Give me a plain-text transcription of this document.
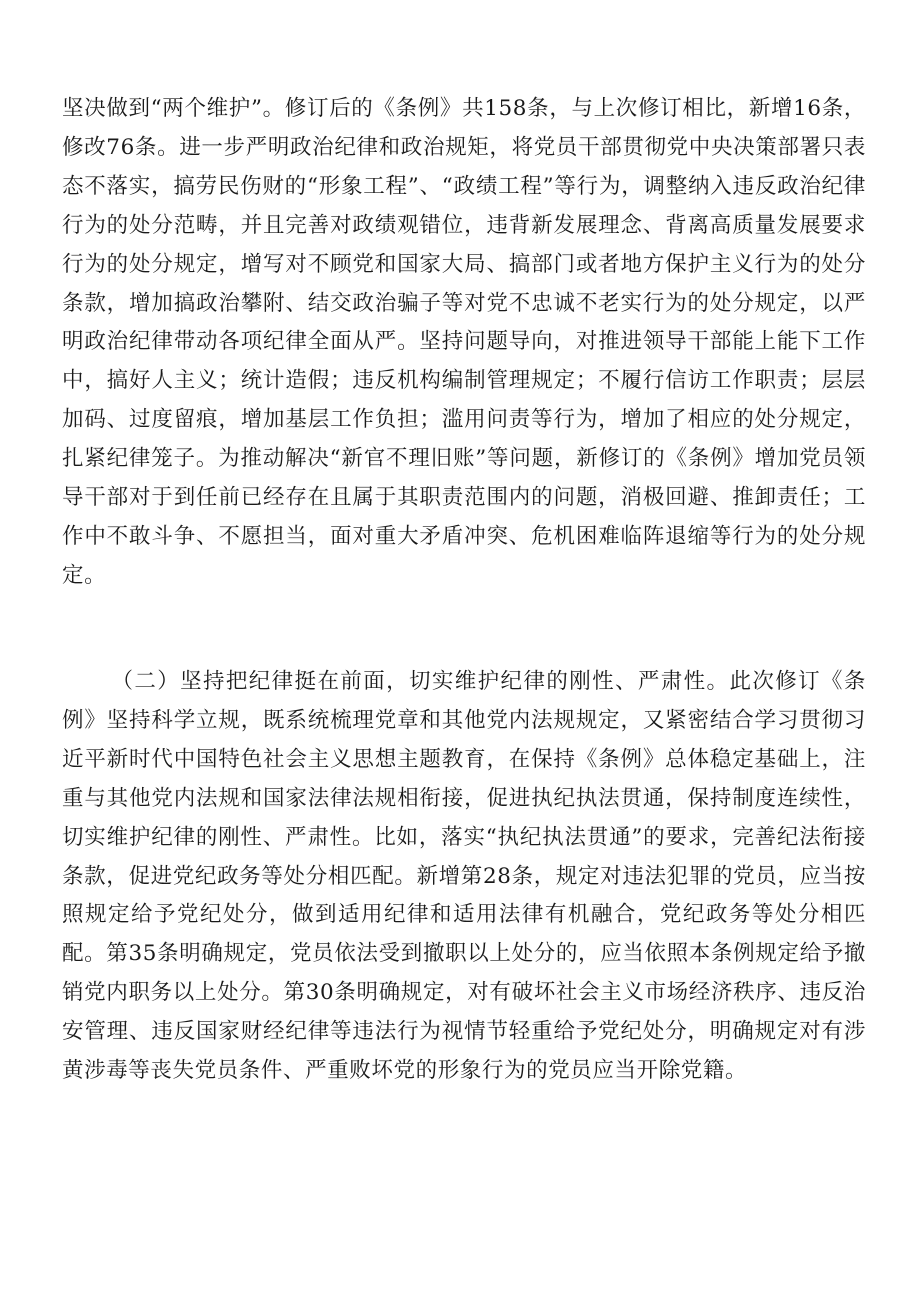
坚决做到“两个维护”。修订后的《条例》共158条，与上次修订相比，新增16条，修改76条。进一步严明政治纪律和政治规矩，将党员干部贯彻党中央决策部署只表态不落实，搞劳民伤财的“形象工程”、“政绩工程”等行为，调整纳入违反政治纪律行为的处分范畴，并且完善对政绩观错位，违背新发展理念、背离高质量发展要求行为的处分规定，增写对不顾党和国家大局、搞部门或者地方保护主义行为的处分条款，增加搞政治攀附、结交政治骗子等对党不忠诚不老实行为的处分规定，以严明政治纪律带动各项纪律全面从严。坚持问题导向，对推进领导干部能上能下工作中，搞好人主义；统计造假；违反机构编制管理规定；不履行信访工作职责；层层加码、过度留痕，增加基层工作负担；滥用问责等行为，增加了相应的处分规定，扎紧纪律笼子。为推动解决“新官不理旧账”等问题，新修订的《条例》增加党员领导干部对于到任前已经存在且属于其职责范围内的问题，消极回避、推卸责任；工作中不敢斗争、不愿担当，面对重大矛盾冲突、危机困难临阵退缩等行为的处分规定。

（二）坚持把纪律挺在前面，切实维护纪律的刚性、严肃性。此次修订《条例》坚持科学立规，既系统梳理党章和其他党内法规规定，又紧密结合学习贯彻习近平新时代中国特色社会主义思想主题教育，在保持《条例》总体稳定基础上，注重与其他党内法规和国家法律法规相衔接，促进执纪执法贯通，保持制度连续性，切实维护纪律的刚性、严肃性。比如，落实“执纪执法贯通”的要求，完善纪法衔接条款，促进党纪政务等处分相匹配。新增第28条，规定对违法犯罪的党员，应当按照规定给予党纪处分，做到适用纪律和适用法律有机融合，党纪政务等处分相匹配。第35条明确规定，党员依法受到撤职以上处分的，应当依照本条例规定给予撤销党内职务以上处分。第30条明确规定，对有破坏社会主义市场经济秩序、违反治安管理、违反国家财经纪律等违法行为视情节轻重给予党纪处分，明确规定对有涉黄涉毒等丧失党员条件、严重败坏党的形象行为的党员应当开除党籍。
